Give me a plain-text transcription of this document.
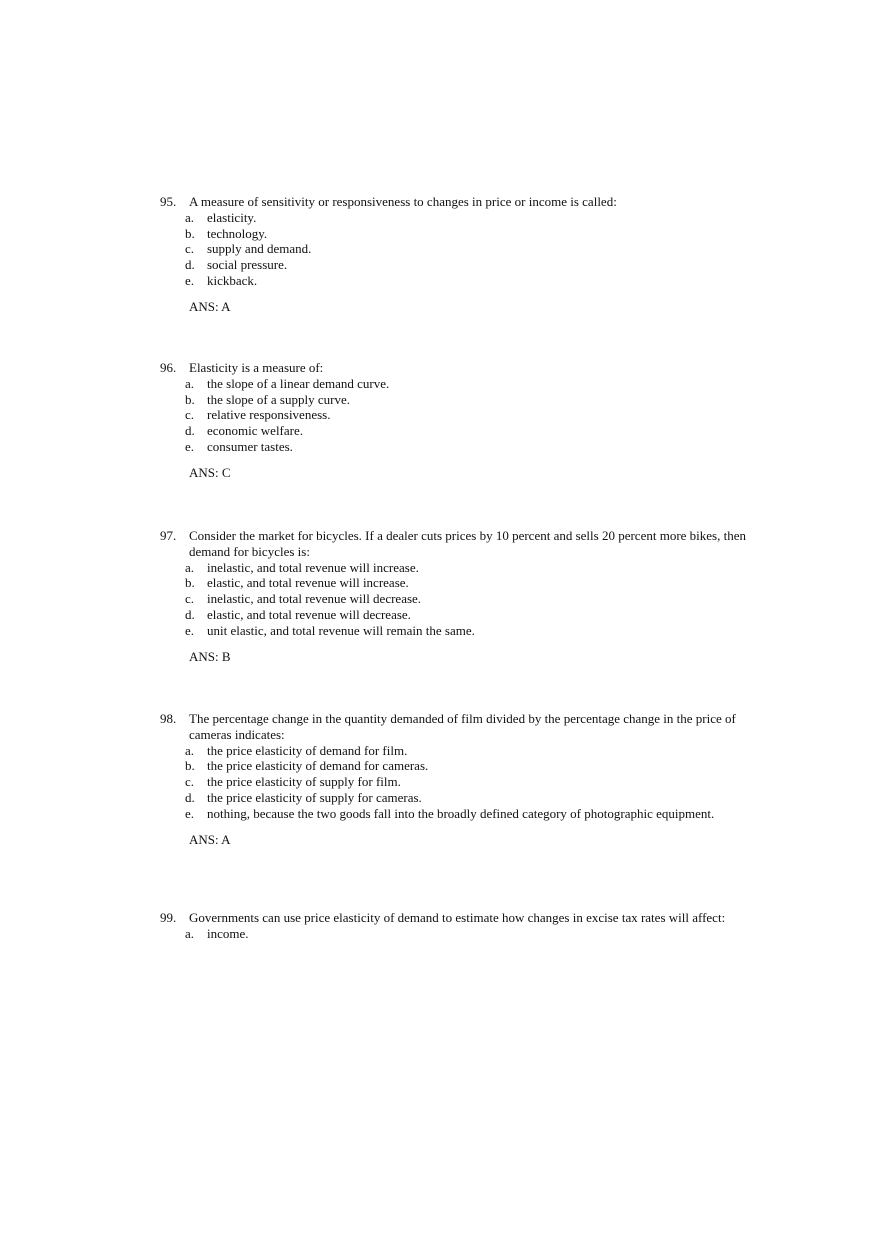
95. A measure of sensitivity or responsiveness to changes in price or income is called:
a. elasticity.
b. technology.
c. supply and demand.
d. social pressure.
e. kickback.
ANS: A
96. Elasticity is a measure of:
a. the slope of a linear demand curve.
b. the slope of a supply curve.
c. relative responsiveness.
d. economic welfare.
e. consumer tastes.
ANS: C
97. Consider the market for bicycles. If a dealer cuts prices by 10 percent and sells 20 percent more bikes, then demand for bicycles is:
a. inelastic, and total revenue will increase.
b. elastic, and total revenue will increase.
c. inelastic, and total revenue will decrease.
d. elastic, and total revenue will decrease.
e. unit elastic, and total revenue will remain the same.
ANS: B
98. The percentage change in the quantity demanded of film divided by the percentage change in the price of cameras indicates:
a. the price elasticity of demand for film.
b. the price elasticity of demand for cameras.
c. the price elasticity of supply for film.
d. the price elasticity of supply for cameras.
e. nothing, because the two goods fall into the broadly defined category of photographic equipment.
ANS: A
99. Governments can use price elasticity of demand to estimate how changes in excise tax rates will affect:
a. income.
